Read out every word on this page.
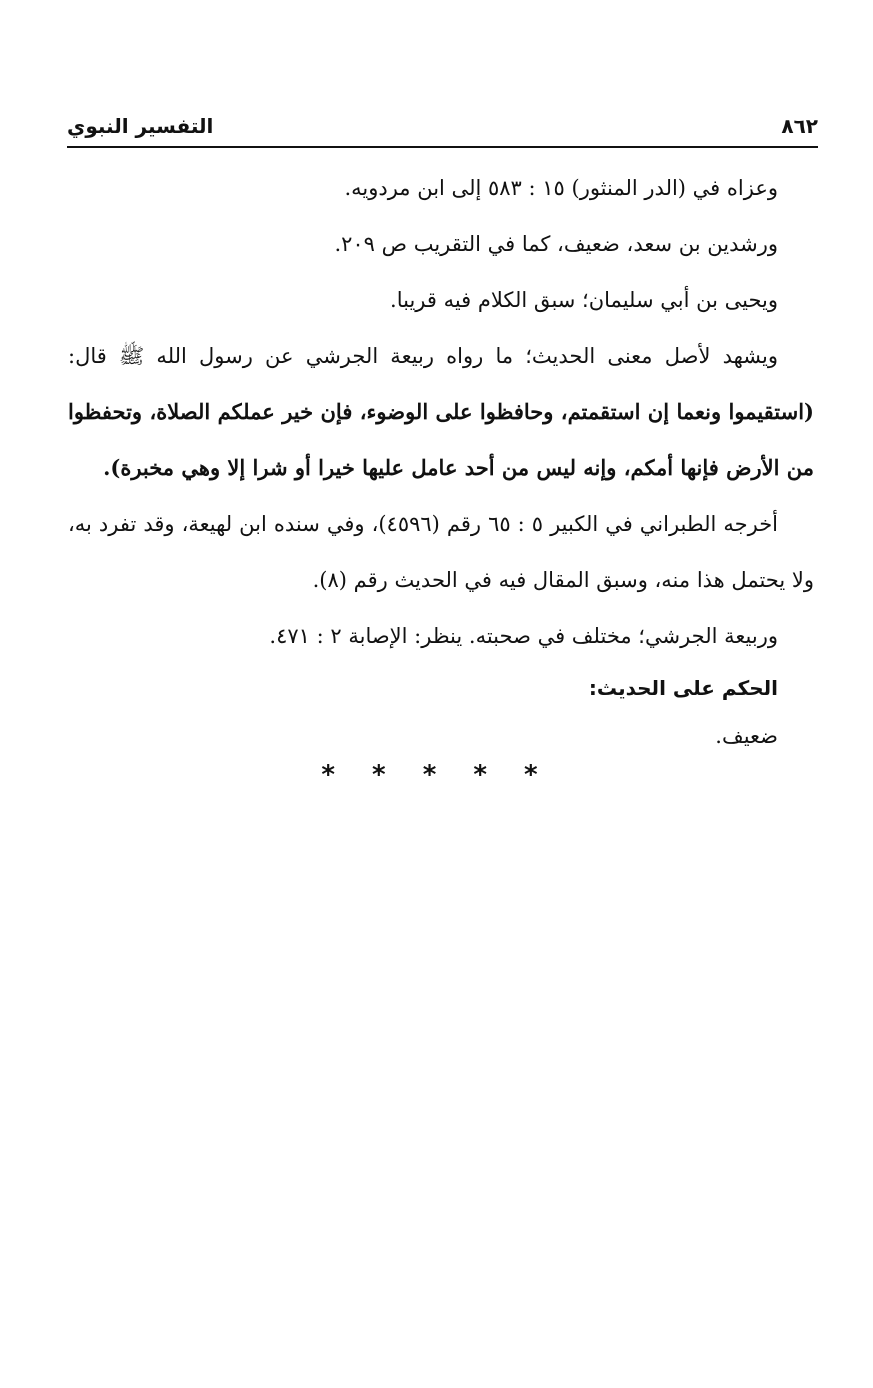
التفسير النبوي	٨٦٢
وعزاه في (الدر المنثور) ١٥ : ٥٨٣ إلى ابن مردويه.
ورشدين بن سعد، ضعيف، كما في التقريب ص ٢٠٩.
ويحيى بن أبي سليمان؛ سبق الكلام فيه قريبا.
ويشهد لأصل معنى الحديث؛ ما رواه ربيعة الجرشي عن رسول الله ﷺ قال:
(استقيموا ونعما إن استقمتم، وحافظوا على الوضوء، فإن خير عملكم الصلاة، وتحفظوا
من الأرض فإنها أمكم، وإنه ليس من أحد عامل عليها خيرا أو شرا إلا وهي مخبرة).
أخرجه الطبراني في الكبير ٥ : ٦٥ رقم (٤٥٩٦)، وفي سنده ابن لهيعة، وقد تفرد به،
ولا يحتمل هذا منه، وسبق المقال فيه في الحديث رقم (٨).
وربيعة الجرشي؛ مختلف في صحبته. ينظر: الإصابة ٢ : ٤٧١.
الحكم على الحديث:
ضعيف.
* * * * *
